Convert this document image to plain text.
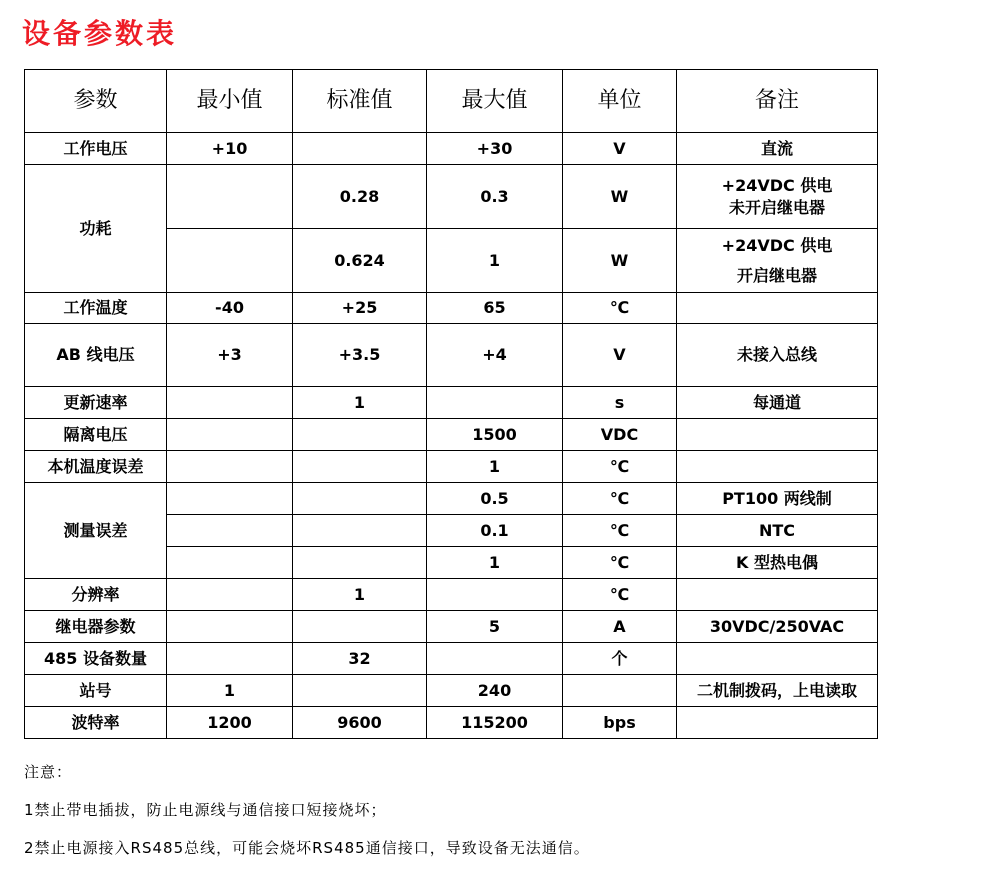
设备参数表
参数	最小值	标准值	最大值	单位	备注
工作电压	+10		+30	V	直流
功耗		0.28	0.3	W	+24VDC 供电
未开启继电器

		0.624	1	W	+24VDC 供电
开启继电器

工作温度	-40	+25	65	℃	
AB 线电压	+3	+3.5	+4	V	未接入总线
更新速率		1		s	每通道
隔离电压			1500	VDC	
本机温度误差			1	℃	
测量误差			0.5	℃	PT100 两线制
			0.1	℃	NTC
			1	℃	K 型热电偶
分辨率		1		℃	
继电器参数			5	A	30VDC/250VAC
485 设备数量		32		个	
站号	1		240		二机制拨码，上电读取
波特率	1200	9600	115200	bps	
注意：
1禁止带电插拔，防止电源线与通信接口短接烧坏；
2禁止电源接入RS485总线，可能会烧坏RS485通信接口，导致设备无法通信。
